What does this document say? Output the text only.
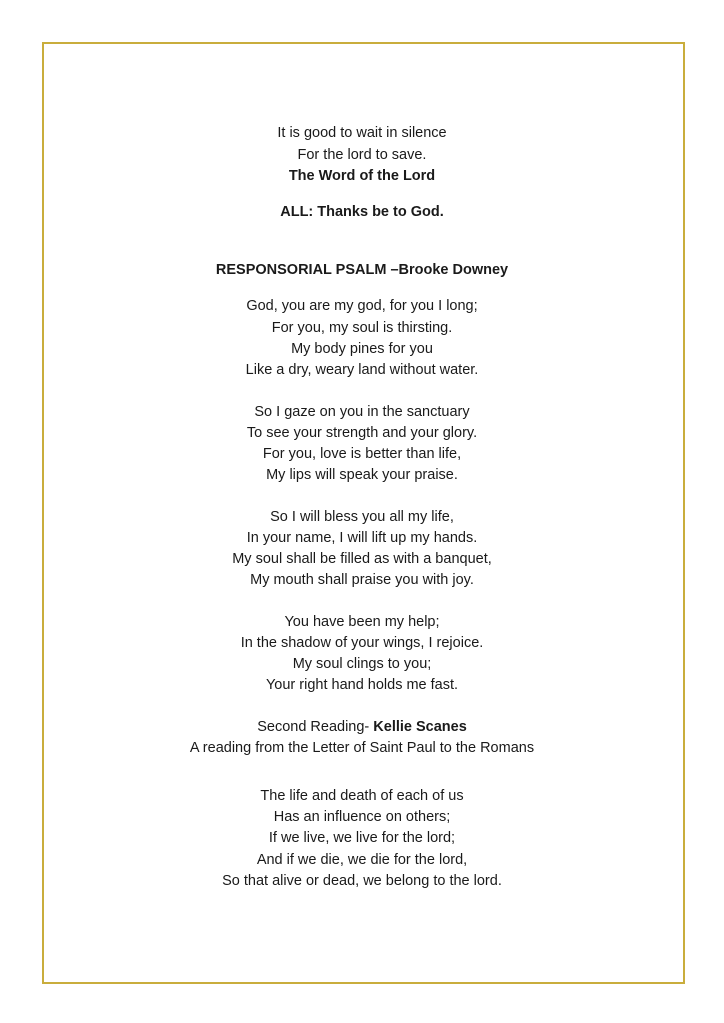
It is good to wait in silence
For the lord to save.
The Word of the Lord
ALL: Thanks be to God.
RESPONSORIAL PSALM –Brooke Downey
God, you are my god, for you I long;
For you, my soul is thirsting.
My body pines for you
Like a dry, weary land without water.
So I gaze on you in the sanctuary
To see your strength and your glory.
For you, love is better than life,
My lips will speak your praise.
So I will bless you all my life,
In your name, I will lift up my hands.
My soul shall be filled as with a banquet,
My mouth shall praise you with joy.
You have been my help;
In the shadow of your wings, I rejoice.
My soul clings to you;
Your right hand holds me fast.
Second Reading- Kellie Scanes
A reading from the Letter of Saint Paul to the Romans
The life and death of each of us
Has an influence on others;
If we live, we live for the lord;
And if we die, we die for the lord,
So that alive or dead, we belong to the lord.
